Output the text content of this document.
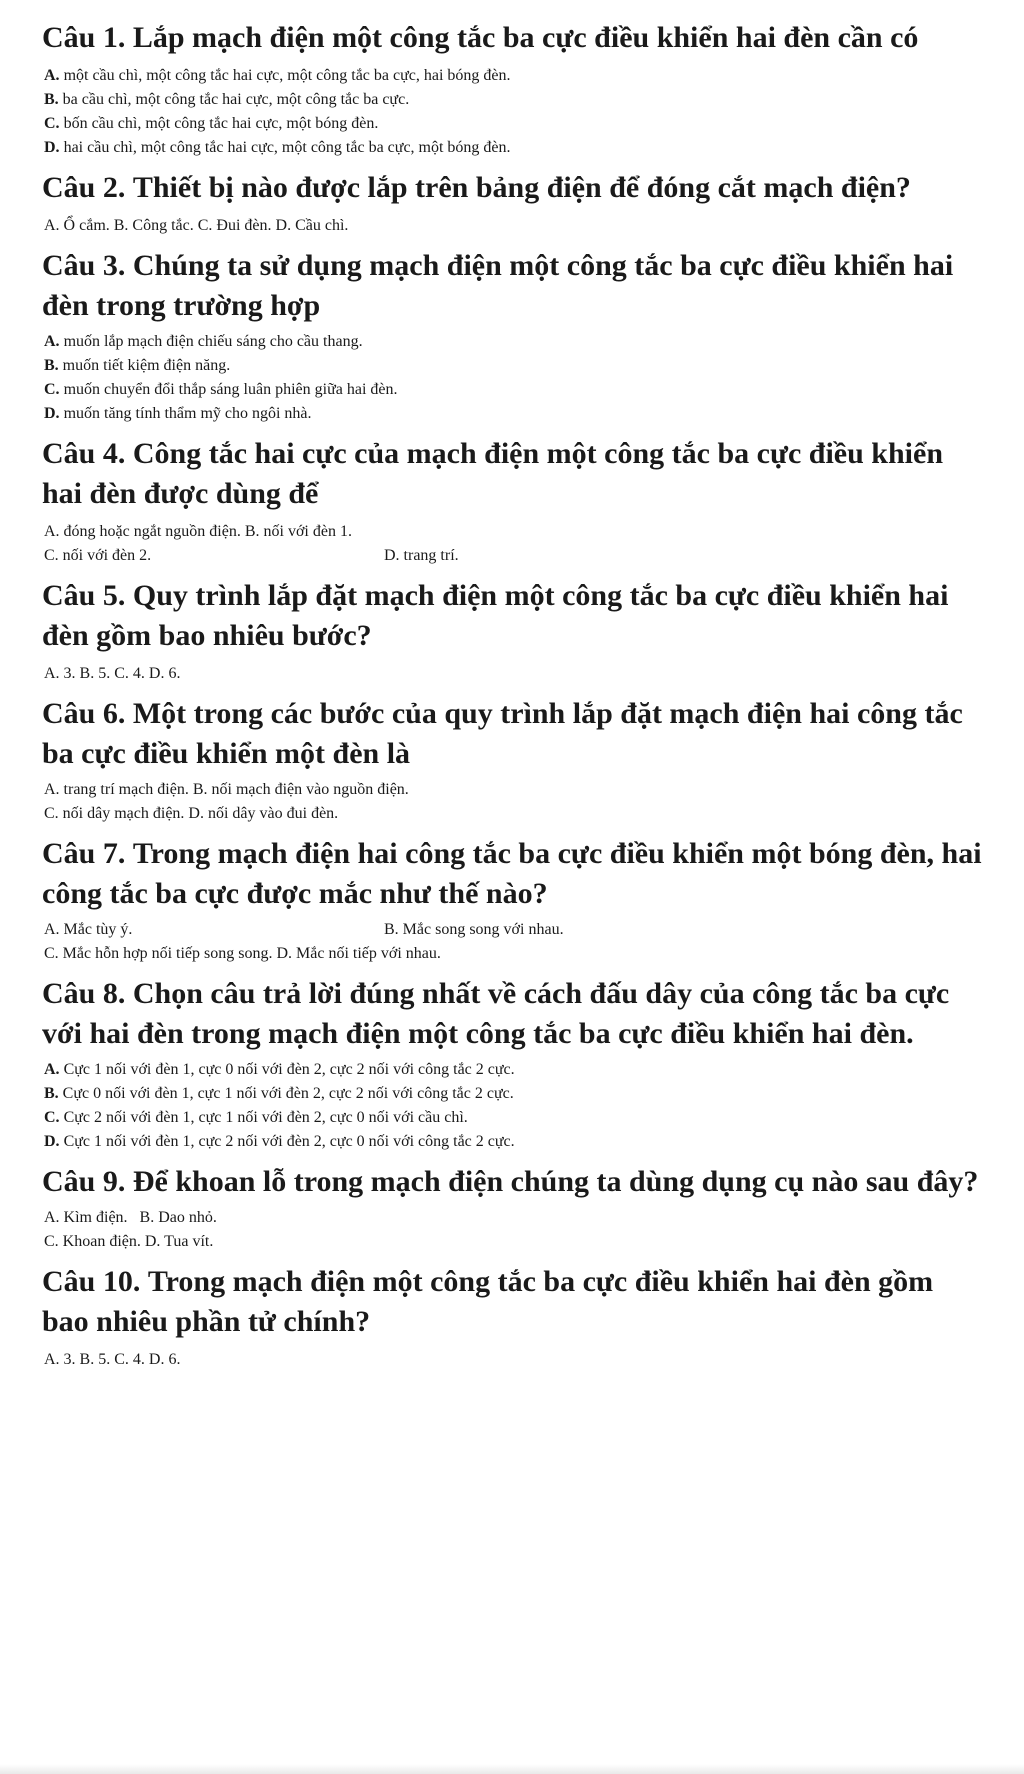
Câu 1. Lắp mạch điện một công tắc ba cực điều khiển hai đèn cần có

A. một cầu chì, một công tắc hai cực, một công tắc ba cực, hai bóng đèn.

B. ba cầu chì, một công tắc hai cực, một công tắc ba cực.

C. bốn cầu chì, một công tắc hai cực, một bóng đèn.

D. hai cầu chì, một công tắc hai cực, một công tắc ba cực, một bóng đèn.

Câu 2. Thiết bị nào được lắp trên bảng điện để đóng cắt mạch điện?

A. Ổ cắm. B. Công tắc. C. Đui đèn. D. Cầu chì.

Câu 3. Chúng ta sử dụng mạch điện một công tắc ba cực điều khiển hai đèn trong trường hợp

A. muốn lắp mạch điện chiếu sáng cho cầu thang.

B. muốn tiết kiệm điện năng.

C. muốn chuyển đổi thắp sáng luân phiên giữa hai đèn.

D. muốn tăng tính thẩm mỹ cho ngôi nhà.

Câu 4. Công tắc hai cực của mạch điện một công tắc ba cực điều khiển hai đèn được dùng để

A. đóng hoặc ngắt nguồn điện. B. nối với đèn 1.

C. nối với đèn 2.	D. trang trí.

Câu 5. Quy trình lắp đặt mạch điện một công tắc ba cực điều khiển hai đèn gồm bao nhiêu bước?

A. 3. B. 5. C. 4. D. 6.

Câu 6. Một trong các bước của quy trình lắp đặt mạch điện hai công tắc ba cực điều khiển một đèn là

A. trang trí mạch điện. B. nối mạch điện vào nguồn điện.

C. nối dây mạch điện. D. nối dây vào đui đèn.

Câu 7. Trong mạch điện hai công tắc ba cực điều khiển một bóng đèn, hai công tắc ba cực được mắc như thế nào?

A. Mắc tùy ý.	B. Mắc song song với nhau.

C. Mắc hỗn hợp nối tiếp song song. D. Mắc nối tiếp với nhau.

Câu 8. Chọn câu trả lời đúng nhất về cách đấu dây của công tắc ba cực với hai đèn trong mạch điện một công tắc ba cực điều khiển hai đèn.

A. Cực 1 nối với đèn 1, cực 0 nối với đèn 2, cực 2 nối với công tắc 2 cực.

B. Cực 0 nối với đèn 1, cực 1 nối với đèn 2, cực 2 nối với công tắc 2 cực.

C. Cực 2 nối với đèn 1, cực 1 nối với đèn 2, cực 0 nối với cầu chì.

D. Cực 1 nối với đèn 1, cực 2 nối với đèn 2, cực 0 nối với công tắc 2 cực.

Câu 9. Để khoan lỗ trong mạch điện chúng ta dùng dụng cụ nào sau đây?

A. Kìm điện.   B. Dao nhỏ.

C. Khoan điện. D. Tua vít.

Câu 10. Trong mạch điện một công tắc ba cực điều khiển hai đèn gồm bao nhiêu phần tử chính?

A. 3. B. 5. C. 4. D. 6.
